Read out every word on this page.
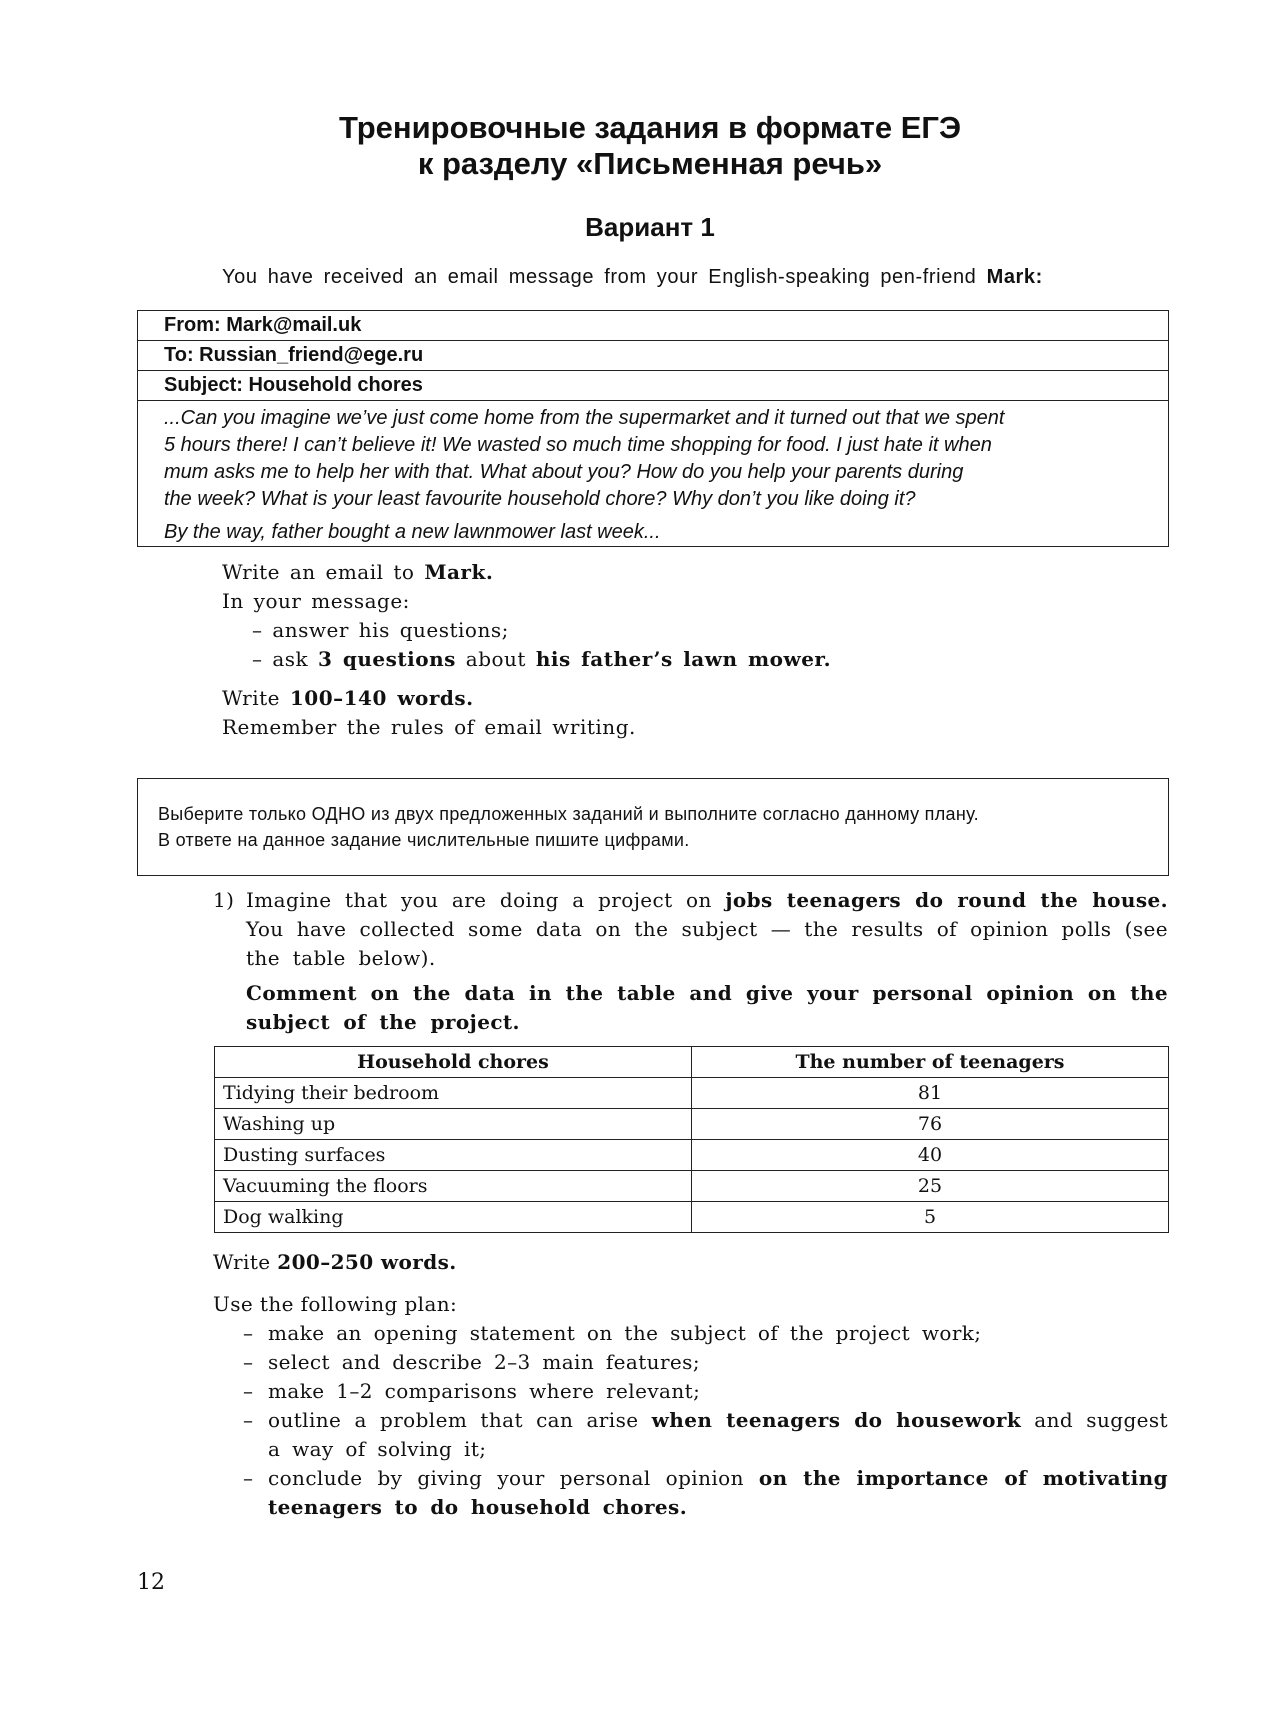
Тренировочные задания в формате ЕГЭ
к разделу «Письменная речь»
Вариант 1
You have received an email message from your English-speaking pen-friend Mark:
From: Mark@mail.uk
To: Russian_friend@ege.ru
Subject: Household chores
...Can you imagine we’ve just come home from the supermarket and it turned out that we spent
5 hours there! I can’t believe it! We wasted so much time shopping for food. I just hate it when
mum asks me to help her with that. What about you? How do you help your parents during
the week? What is your least favourite household chore? Why don’t you like doing it?
By the way, father bought a new lawnmower last week...
Write an email to Mark.
In your message:
– answer his questions;
– ask 3 questions about his father’s lawn mower.
Write 100–140 words.
Remember the rules of email writing.
Выберите только ОДНО из двух предложенных заданий и выполните согласно данному плану.
В ответе на данное задание числительные пишите цифрами.
1) Imagine that you are doing a project on jobs teenagers do round the house. You have collected some data on the subject — the results of opinion polls (see the table below).
Comment on the data in the table and give your personal opinion on the subject of the project.
Household chores	The number of teenagers
Tidying their bedroom	81
Washing up	76
Dusting surfaces	40
Vacuuming the floors	25
Dog walking	5
Write 200–250 words.
Use the following plan:
– make an opening statement on the subject of the project work;
– select and describe 2–3 main features;
– make 1–2 comparisons where relevant;
– outline a problem that can arise when teenagers do housework and suggest a way of solving it;
– conclude by giving your personal opinion on the importance of motivating teenagers to do household chores.
12
